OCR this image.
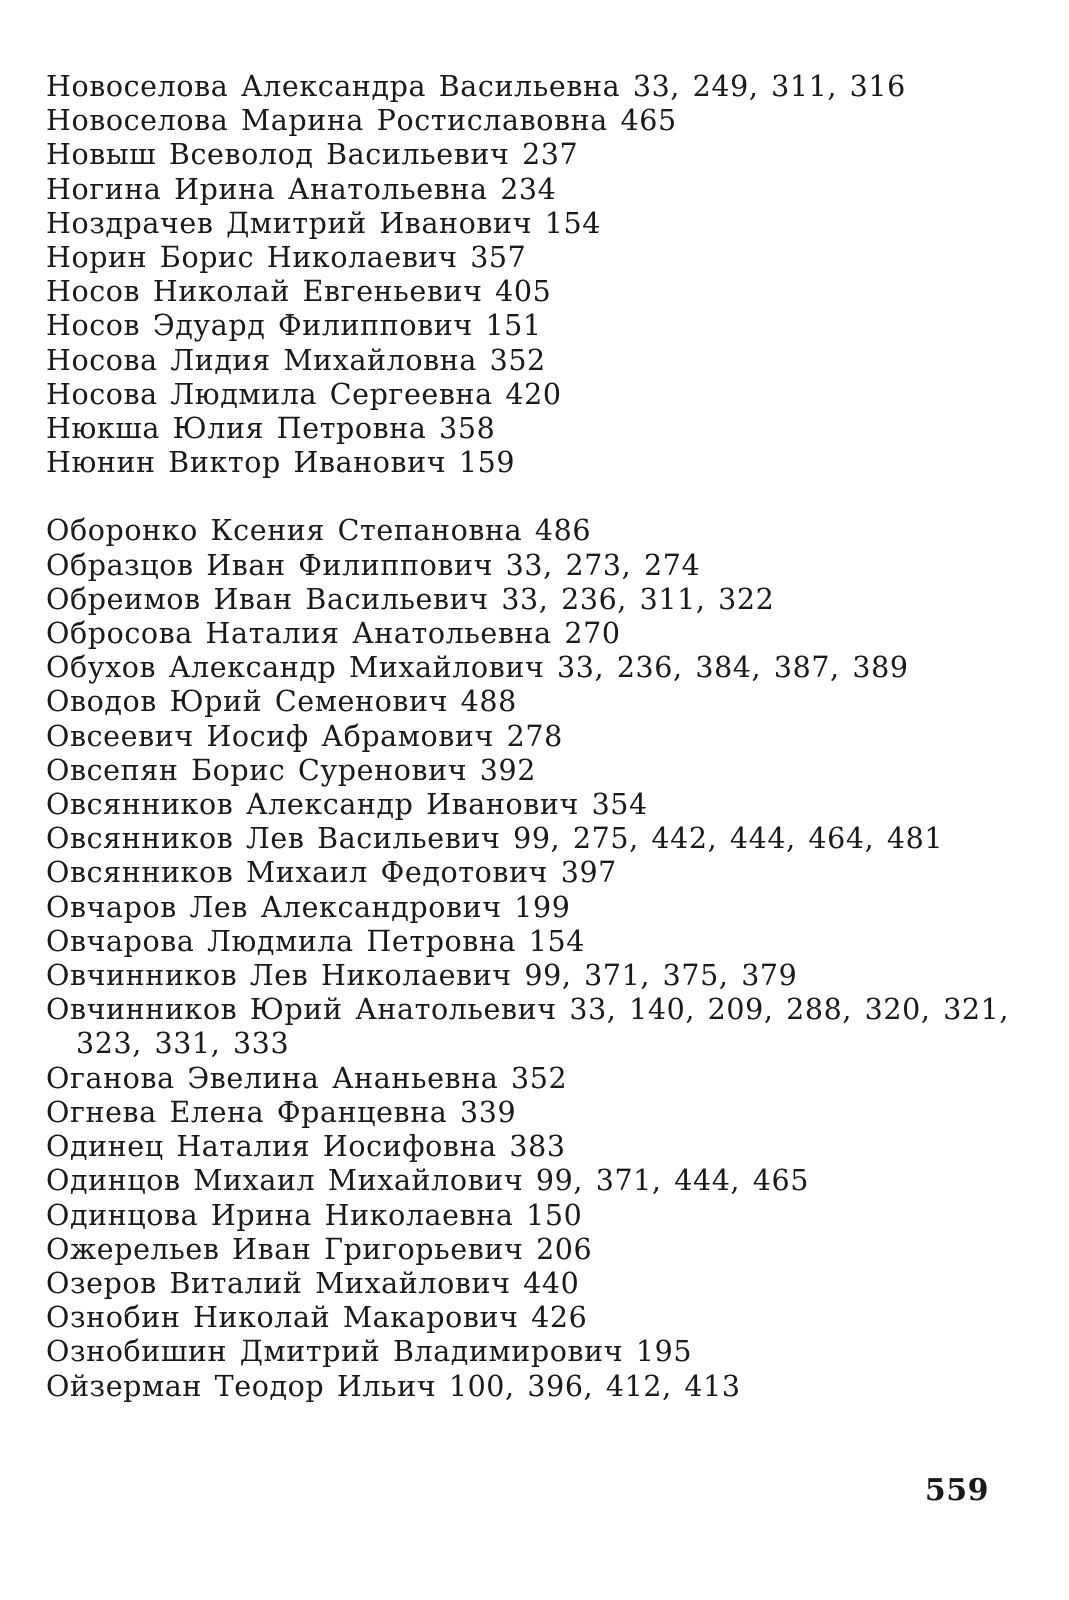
Новоселова Александра Васильевна 33, 249, 311, 316
Новоселова Марина Ростиславовна 465
Новыш Всеволод Васильевич 237
Ногина Ирина Анатольевна 234
Ноздрачев Дмитрий Иванович 154
Норин Борис Николаевич 357
Носов Николай Евгеньевич 405
Носов Эдуард Филиппович 151
Носова Лидия Михайловна 352
Носова Людмила Сергеевна 420
Нюкша Юлия Петровна 358
Нюнин Виктор Иванович 159
Оборонко Ксения Степановна 486
Образцов Иван Филиппович 33, 273, 274
Обреимов Иван Васильевич 33, 236, 311, 322
Обросова Наталия Анатольевна 270
Обухов Александр Михайлович 33, 236, 384, 387, 389
Оводов Юрий Семенович 488
Овсеевич Иосиф Абрамович 278
Овсепян Борис Суренович 392
Овсянников Александр Иванович 354
Овсянников Лев Васильевич 99, 275, 442, 444, 464, 481
Овсянников Михаил Федотович 397
Овчаров Лев Александрович 199
Овчарова Людмила Петровна 154
Овчинников Лев Николаевич 99, 371, 375, 379
Овчинников Юрий Анатольевич 33, 140, 209, 288, 320, 321, 323, 331, 333
Оганова Эвелина Ананьевна 352
Огнева Елена Францевна 339
Одинец Наталия Иосифовна 383
Одинцов Михаил Михайлович 99, 371, 444, 465
Одинцова Ирина Николаевна 150
Ожерельев Иван Григорьевич 206
Озеров Виталий Михайлович 440
Ознобин Николай Макарович 426
Ознобишин Дмитрий Владимирович 195
Ойзерман Теодор Ильич 100, 396, 412, 413
559
